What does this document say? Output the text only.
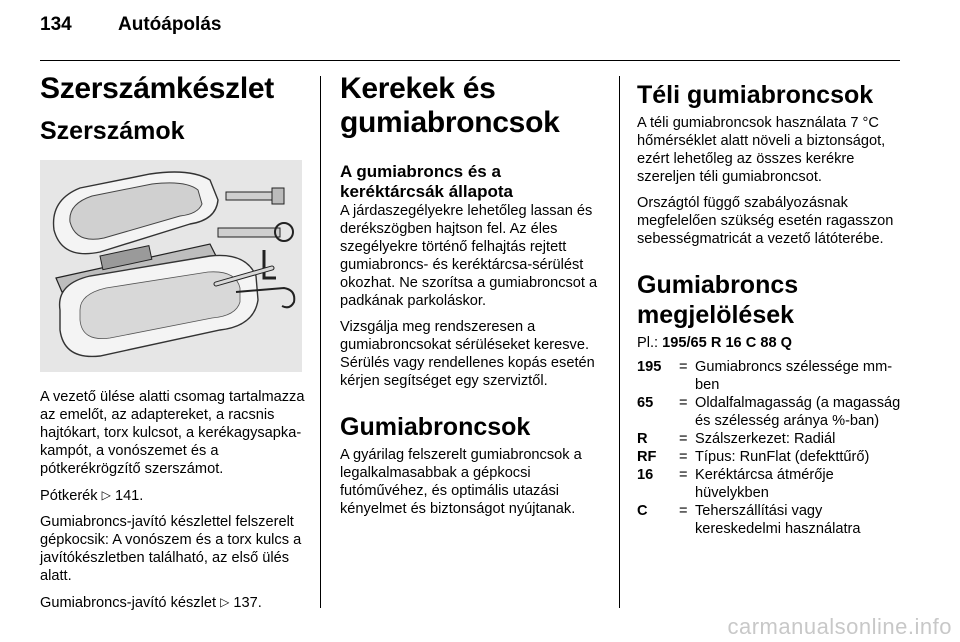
134 Autóápolás
Szerszámkészlet
Szerszámok

A vezető ülése alatti csomag tartalmazza az emelőt, az adaptereket, a racsnis hajtókart, torx kulcsot, a kerékagysapka-kampót, a vonószemet és a pótkerékrögzítő szerszámot.

Pótkerék ▷ 141.

Gumiabroncs-javító készlettel felszerelt gépkocsik: A vonószem és a torx kulcs a javítókészletben található, az első ülés alatt.

Gumiabroncs-javító készlet ▷ 137.

Kerekek és gumiabroncsok
A gumiabroncs és a keréktárcsák állapota

A járdaszegélyekre lehetőleg lassan és derékszögben hajtson fel. Az éles szegélyekre történő felhajtás rejtett gumiabroncs- és keréktárcsa-sérülést okozhat. Ne szorítsa a gumiabroncsot a padkának parkoláskor.

Vizsgálja meg rendszeresen a gumiabroncsokat sérüléseket keresve. Sérülés vagy rendellenes kopás esetén kérjen segítséget egy szerviztől.

Gumiabroncsok

A gyárilag felszerelt gumiabroncsok a legalkalmasabbak a gépkocsi futóművéhez, és optimális utazási kényelmet és biztonságot nyújtanak.

Téli gumiabroncsok

A téli gumiabroncsok használata 7 °C hőmérséklet alatt növeli a biztonságot, ezért lehetőleg az összes kerékre szereljen téli gumiabroncsot.

Országtól függő szabályozásnak megfelelően szükség esetén ragasszon sebességmatricát a vezető látóterébe.

Gumiabroncs megjelölések

Pl.: 195/65 R 16 C 88 Q

195	=	Gumiabroncs szélessége mm-ben
65	=	Oldalfalmagasság (a magasság és szélesség aránya %-ban)
R	=	Szálszerkezet: Radiál
RF	=	Típus: RunFlat (defekttűrő)
16	=	Keréktárcsa átmérője hüvelykben
C	=	Teherszállítási vagy kereskedelmi használatra
carmanualsonline.info
